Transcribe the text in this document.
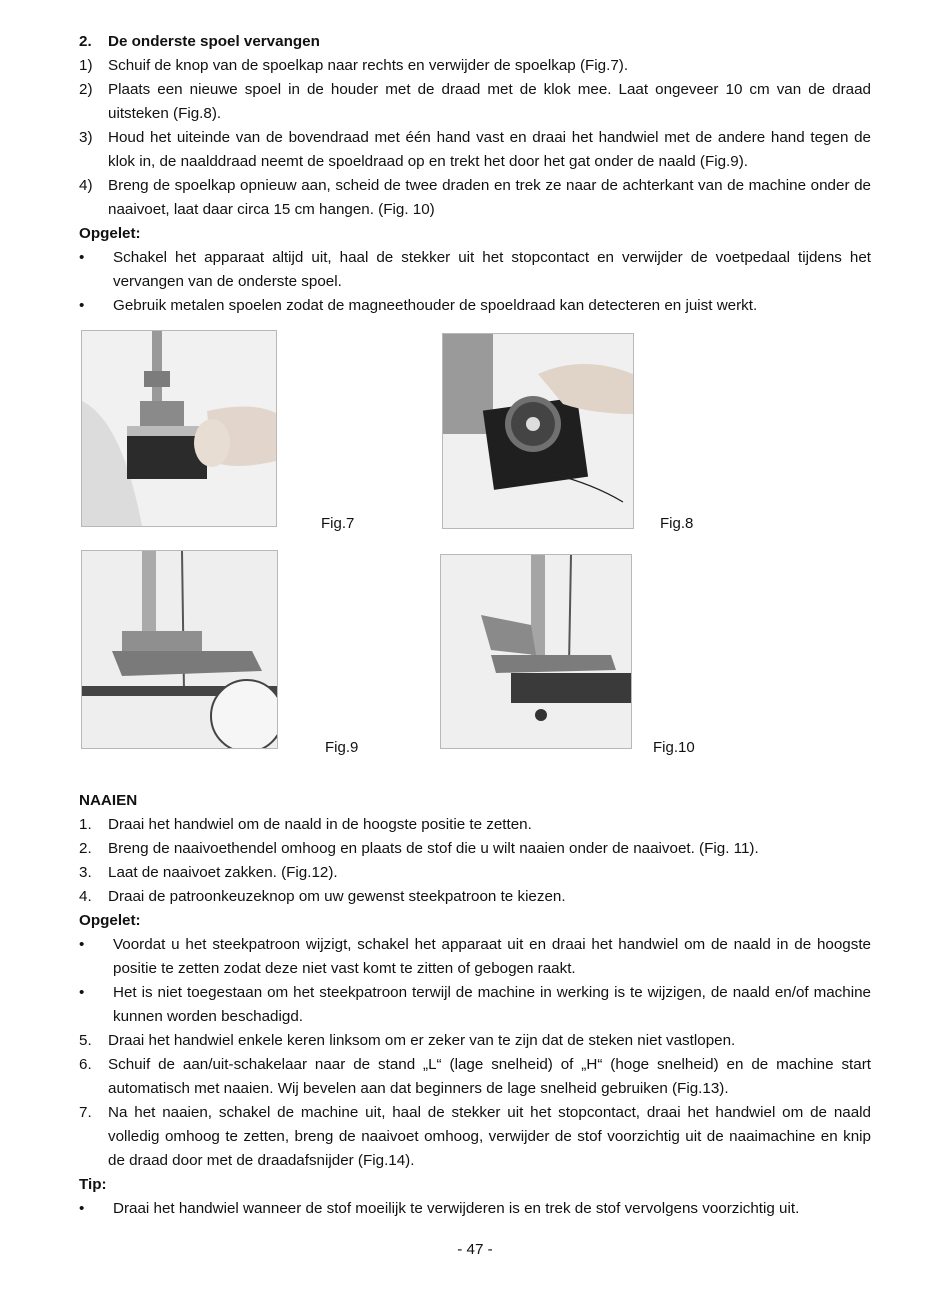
2.	De onderste spoel vervangen
1)	Schuif de knop van de spoelkap naar rechts en verwijder de spoelkap (Fig.7).
2)	Plaats een nieuwe spoel in de houder met de draad met de klok mee. Laat ongeveer 10 cm van de draad uitsteken (Fig.8).
3)	Houd het uiteinde van de bovendraad met één hand vast en draai het handwiel met de andere hand tegen de klok in, de naalddraad neemt de spoeldraad op en trekt het door het gat onder de naald (Fig.9).
4)	Breng de spoelkap opnieuw aan, scheid de twee draden en trek ze naar de achterkant van de machine onder de naaivoet, laat daar circa 15 cm hangen. (Fig. 10)
Opgelet:
•	Schakel het apparaat altijd uit, haal de stekker uit het stopcontact en verwijder de voetpedaal tijdens het vervangen van de onderste spoel.
•	Gebruik metalen spoelen zodat de magneethouder de spoeldraad kan detecteren en juist werkt.
Fig.7	Fig.8
Fig.9	Fig.10
NAAIEN
1.	Draai het handwiel om de naald in de hoogste positie te zetten.
2.	Breng de naaivoethendel omhoog en plaats de stof die u wilt naaien onder de naaivoet. (Fig. 11).
3.	Laat de naaivoet zakken. (Fig.12).
4.	Draai de patroonkeuzeknop om uw gewenst steekpatroon te kiezen.
Opgelet:
•	Voordat u het steekpatroon wijzigt, schakel het apparaat uit en draai het handwiel om de naald in de hoogste positie te zetten zodat deze niet vast komt te zitten of gebogen raakt.
•	Het is niet toegestaan om het steekpatroon terwijl de machine in werking is te wijzigen, de naald en/of machine kunnen worden beschadigd.
5.	Draai het handwiel enkele keren linksom om er zeker van te zijn dat de steken niet vastlopen.
6.	Schuif de aan/uit-schakelaar naar de stand „L“ (lage snelheid) of „H“ (hoge snelheid) en de machine start automatisch met naaien. Wij bevelen aan dat beginners de lage snelheid gebruiken (Fig.13).
7.	Na het naaien, schakel de machine uit, haal de stekker uit het stopcontact, draai het handwiel om de naald volledig omhoog te zetten, breng de naaivoet omhoog, verwijder de stof voorzichtig uit de naaimachine en knip de draad door met de draadafsnijder (Fig.14).
Tip:
•	Draai het handwiel wanneer de stof moeilijk te verwijderen is en trek de stof vervolgens voorzichtig uit.
- 47 -
